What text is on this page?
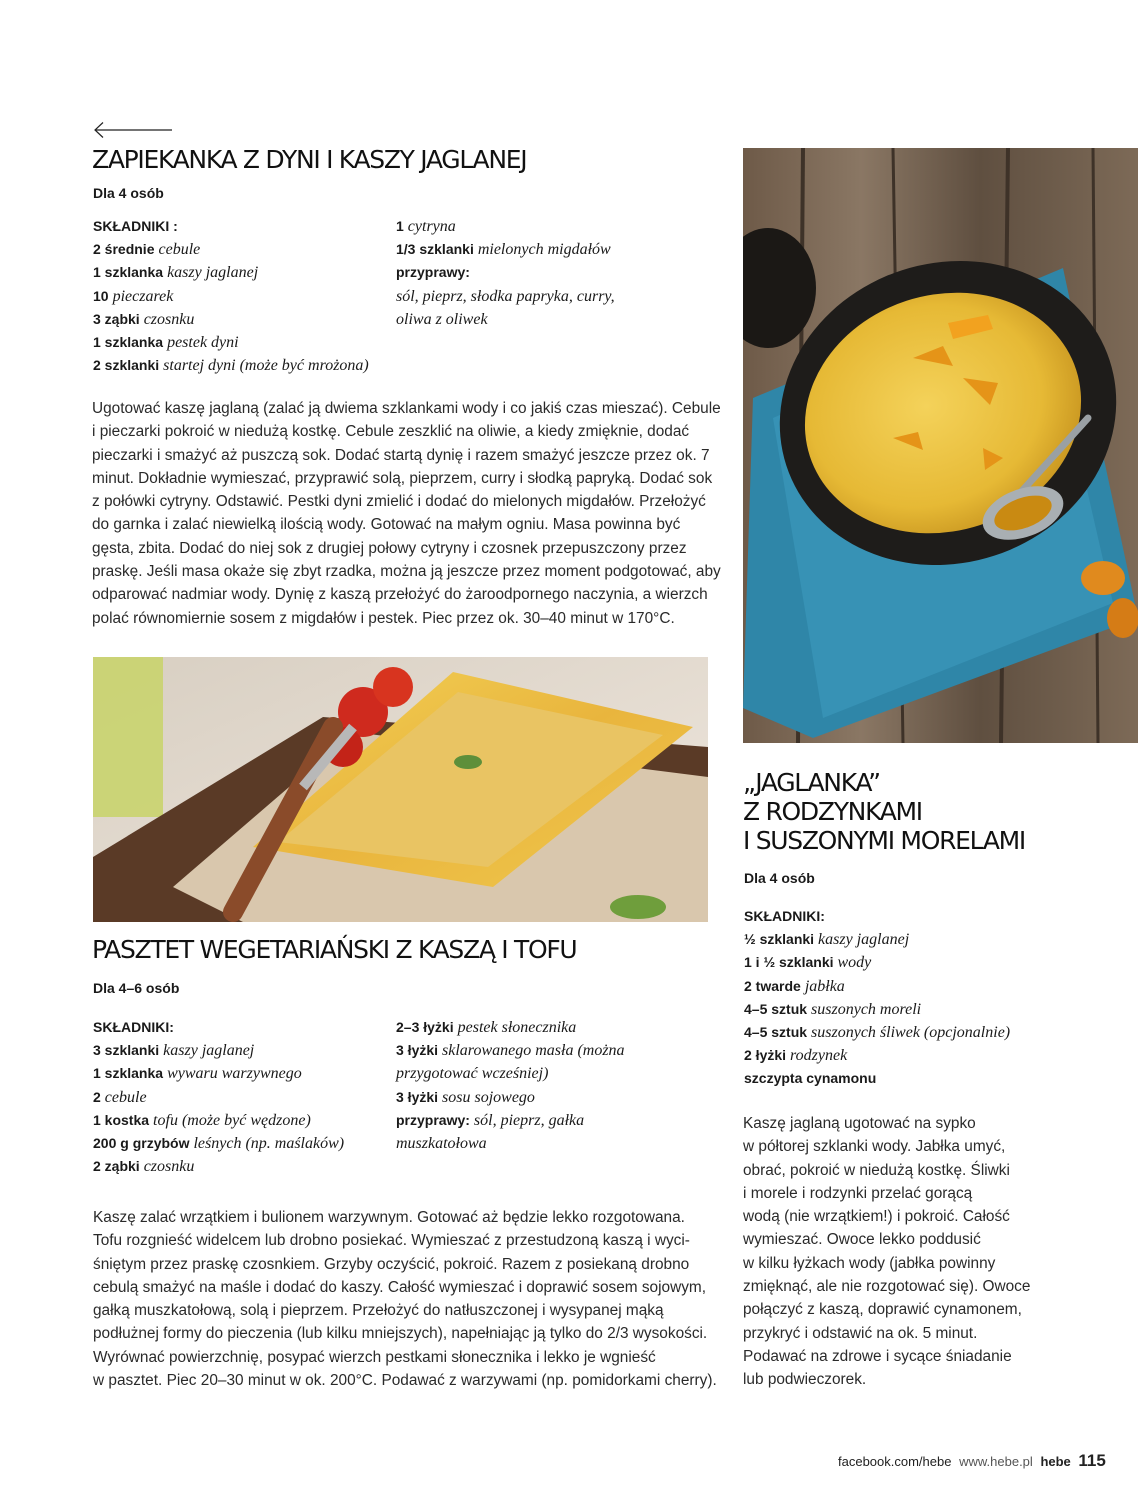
ZAPIEKANKA Z DYNI I KASZY JAGLANEJ
Dla 4 osób
SKŁADNIKI :
2 średnie cebule
1 szklanka kaszy jaglanej
10 pieczarek
3 ząbki czosnku
1 szklanka pestek dyni
2 szklanki startej dyni (może być mrożona)
1 cytryna
1/3 szklanki mielonych migdałów
przyprawy:
sól, pieprz, słodka papryka, curry,
oliwa z oliwek
Ugotować kaszę jaglaną (zalać ją dwiema szklankami wody i co jakiś czas mieszać). Cebule
i pieczarki pokroić w niedużą kostkę. Cebule zeszklić na oliwie, a kiedy zmięknie, dodać
pieczarki i smażyć aż puszczą sok. Dodać startą dynię i razem smażyć jeszcze przez ok. 7
minut. Dokładnie wymieszać, przyprawić solą, pieprzem, curry i słodką papryką. Dodać sok
z połówki cytryny. Odstawić. Pestki dyni zmielić i dodać do mielonych migdałów. Przełożyć
do garnka i zalać niewielką ilością wody. Gotować na małym ogniu. Masa powinna być
gęsta, zbita. Dodać do niej sok z drugiej połowy cytryny i czosnek przepuszczony przez
praskę. Jeśli masa okaże się zbyt rzadka, można ją jeszcze przez moment podgotować, aby
odparować nadmiar wody. Dynię z kaszą przełożyć do żaroodpornego naczynia, a wierzch
polać równomiernie sosem z migdałów i pestek. Piec przez ok. 30–40 minut w 170°C.
PASZTET WEGETARIAŃSKI Z KASZĄ I TOFU
Dla 4–6 osób
SKŁADNIKI:
3 szklanki kaszy jaglanej
1 szklanka wywaru warzywnego
2 cebule
1 kostka tofu (może być wędzone)
200 g grzybów leśnych (np. maślaków)
2 ząbki czosnku
2–3 łyżki pestek słonecznika
3 łyżki sklarowanego masła (można
przygotować wcześniej)
3 łyżki sosu sojowego
przyprawy: sól, pieprz, gałka
muszkatołowa
Kaszę zalać wrzątkiem i bulionem warzywnym. Gotować aż będzie lekko rozgotowana.
Tofu rozgnieść widelcem lub drobno posiekać. Wymieszać z przestudzoną kaszą i wyci-
śniętym przez praskę czosnkiem. Grzyby oczyścić, pokroić. Razem z posiekaną drobno
cebulą smażyć na maśle i dodać do kaszy. Całość wymieszać i doprawić sosem sojowym,
gałką muszkatołową, solą i pieprzem. Przełożyć do natłuszczonej i wysypanej mąką
podłużnej formy do pieczenia (lub kilku mniejszych), napełniając ją tylko do 2/3 wysokości.
Wyrównać powierzchnię, posypać wierzch pestkami słonecznika i lekko je wgnieść
w pasztet. Piec 20–30 minut w ok. 200°C. Podawać z warzywami (np. pomidorkami cherry).
„JAGLANKA”
Z RODZYNKAMI
I SUSZONYMI MORELAMI
Dla 4 osób
SKŁADNIKI:
½ szklanki kaszy jaglanej
1 i ½ szklanki wody
2 twarde jabłka
4–5 sztuk suszonych moreli
4–5 sztuk suszonych śliwek (opcjonalnie)
2 łyżki rodzynek
szczypta cynamonu
Kaszę jaglaną ugotować na sypko
w półtorej szklanki wody. Jabłka umyć,
obrać, pokroić w niedużą kostkę. Śliwki
i morele i rodzynki przelać gorącą
wodą (nie wrzątkiem!) i pokroić. Całość
wymieszać. Owoce lekko poddusić
w kilku łyżkach wody (jabłka powinny
zmięknąć, ale nie rozgotować się). Owoce
połączyć z kaszą, doprawić cynamonem,
przykryć i odstawić na ok. 5 minut.
Podawać na zdrowe i sycące śniadanie
lub podwieczorek.
facebook.com/hebe www.hebe.pl hebe 115
